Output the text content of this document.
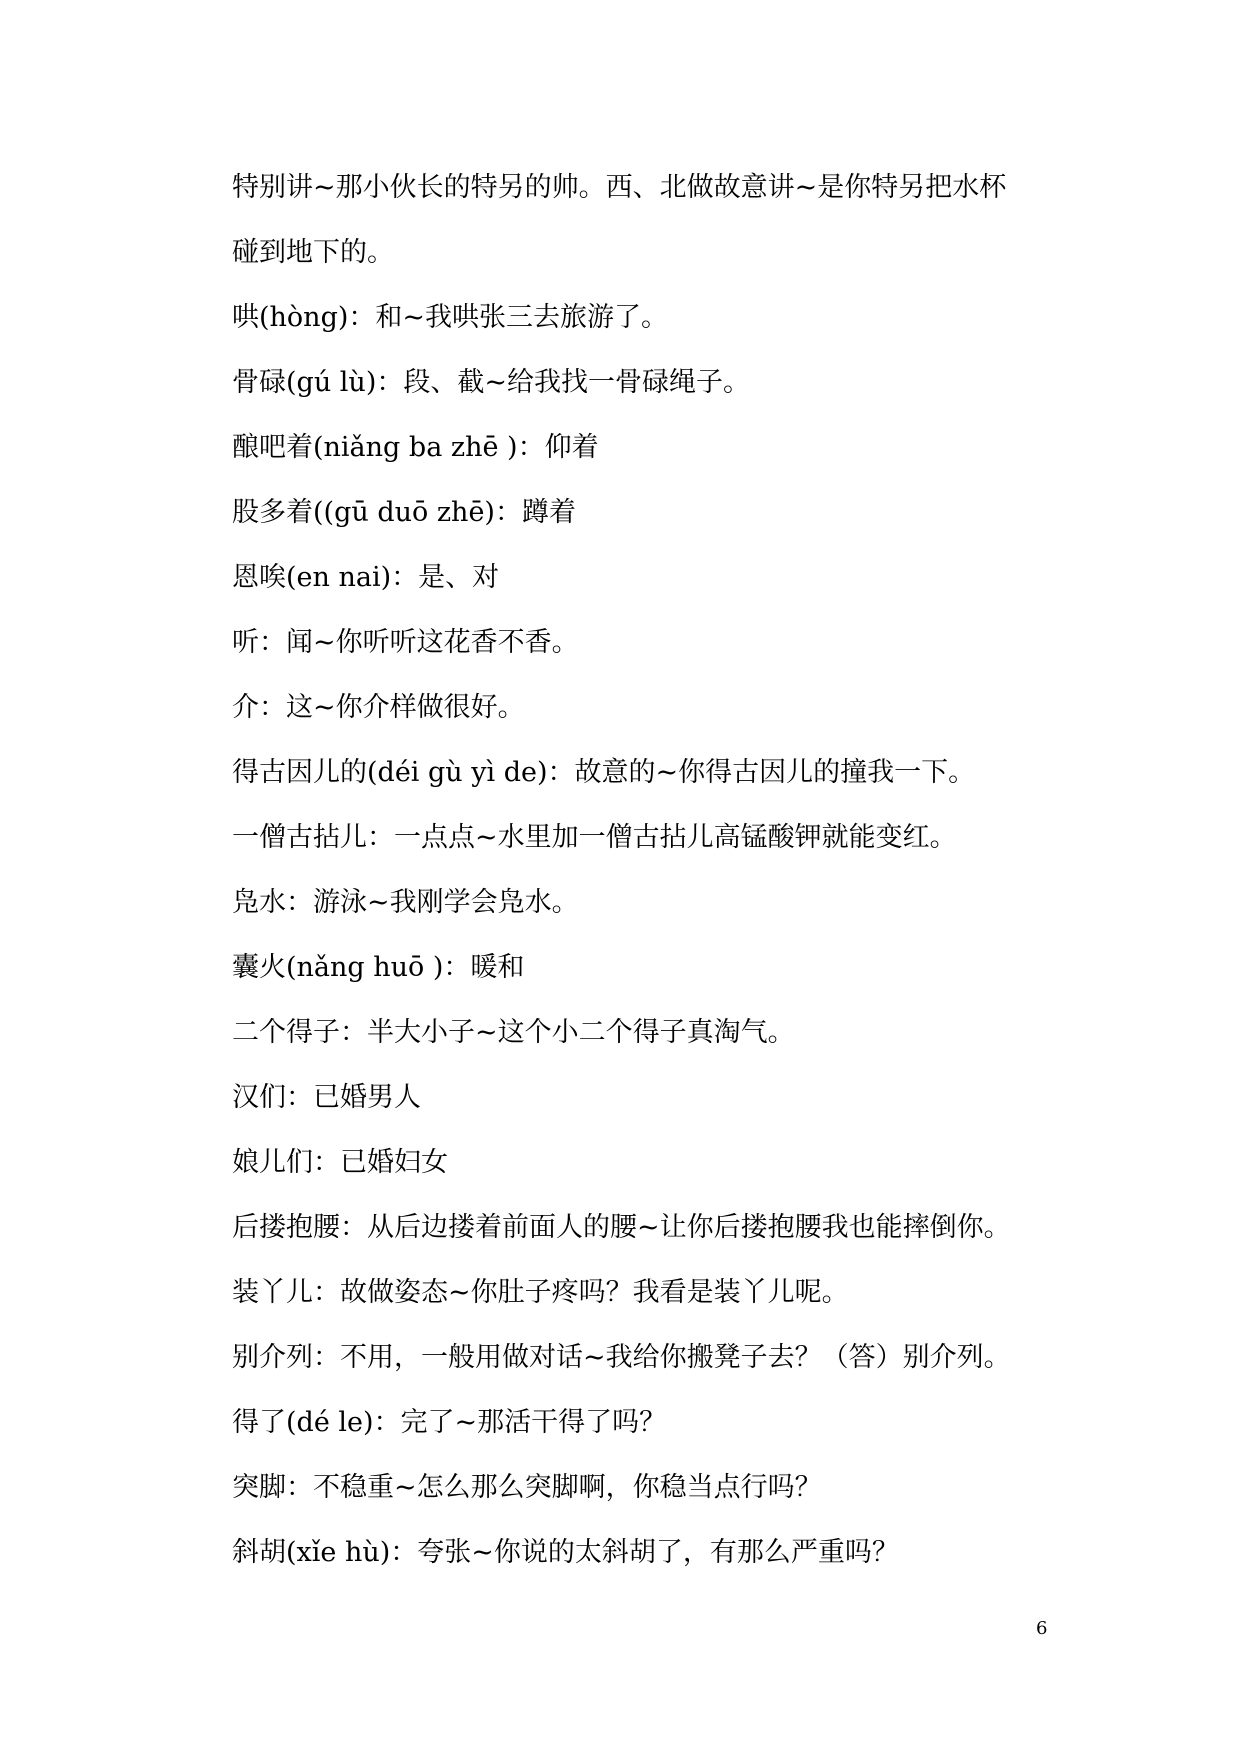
特别讲~那小伙长的特另的帅。西、北做故意讲~是你特另把水杯
碰到地下的。
哄(hòng)：和~我哄张三去旅游了。
骨碌(gú lù)：段、截~给我找一骨碌绳子。
酿吧着(niǎng ba zhē )：仰着
股多着((gū duō zhē)：蹲着
恩唉(en nai)：是、对
听：闻~你听听这花香不香。
介：这~你介样做很好。
得古因儿的(déi gù yì de)：故意的~你得古因儿的撞我一下。
一僧古拈儿：一点点~水里加一僧古拈儿高锰酸钾就能变红。
凫水：游泳~我刚学会凫水。
囊火(nǎng huō )：暖和
二个得子：半大小子~这个小二个得子真淘气。
汉们：已婚男人
娘儿们：已婚妇女
后搂抱腰：从后边搂着前面人的腰~让你后搂抱腰我也能摔倒你。
装丫儿：故做姿态~你肚子疼吗？我看是装丫儿呢。
别介列：不用，一般用做对话~我给你搬凳子去？（答）别介列。
得了(dé le)：完了~那活干得了吗？
突脚：不稳重~怎么那么突脚啊，你稳当点行吗？
斜胡(xǐe hù)：夸张~你说的太斜胡了，有那么严重吗？
6
